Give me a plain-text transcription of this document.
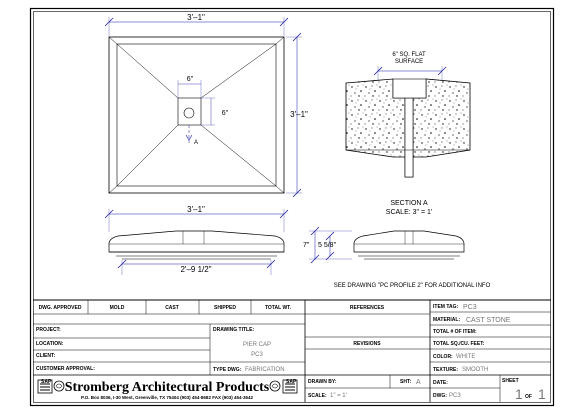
3'–1"
3'–1"
6"
6"
A
3'–1"
2'–9 1/2"
6" SQ. FLAT
SURFACE
SECTION A
SCALE: 3" = 1'
7" 5 5/8"
SEE DRAWING "PC PROFILE 2" FOR ADDITIONAL INFO
DWG. APPROVED	MOLD	CAST	SHIPPED	TOTAL WT.
PROJECT:
LOCATION:
CLIENT:
CUSTOMER APPROVAL:
DRAWING TITLE:
PIER CAP
PC3
TYPE DWG: FABRICATION
REFERENCES
REVISIONS
DRAWN BY:	SHT: A
SCALE: 1" = 1'
ITEM TAG: PC3
MATERIAL: CAST STONE
TOTAL # OF ITEM:
TOTAL SQ./CU. FEET:
COLOR: WHITE
TEXTURE: SMOOTH
DATE:
DWG: PC3
SHEET
1 OF 1
SAP	SAP
Stromberg Architectural Products
P.O. Box 8036, I-30 West, Greenville, TX 75404 (903) 454-8682 FAX (903) 454-3642
